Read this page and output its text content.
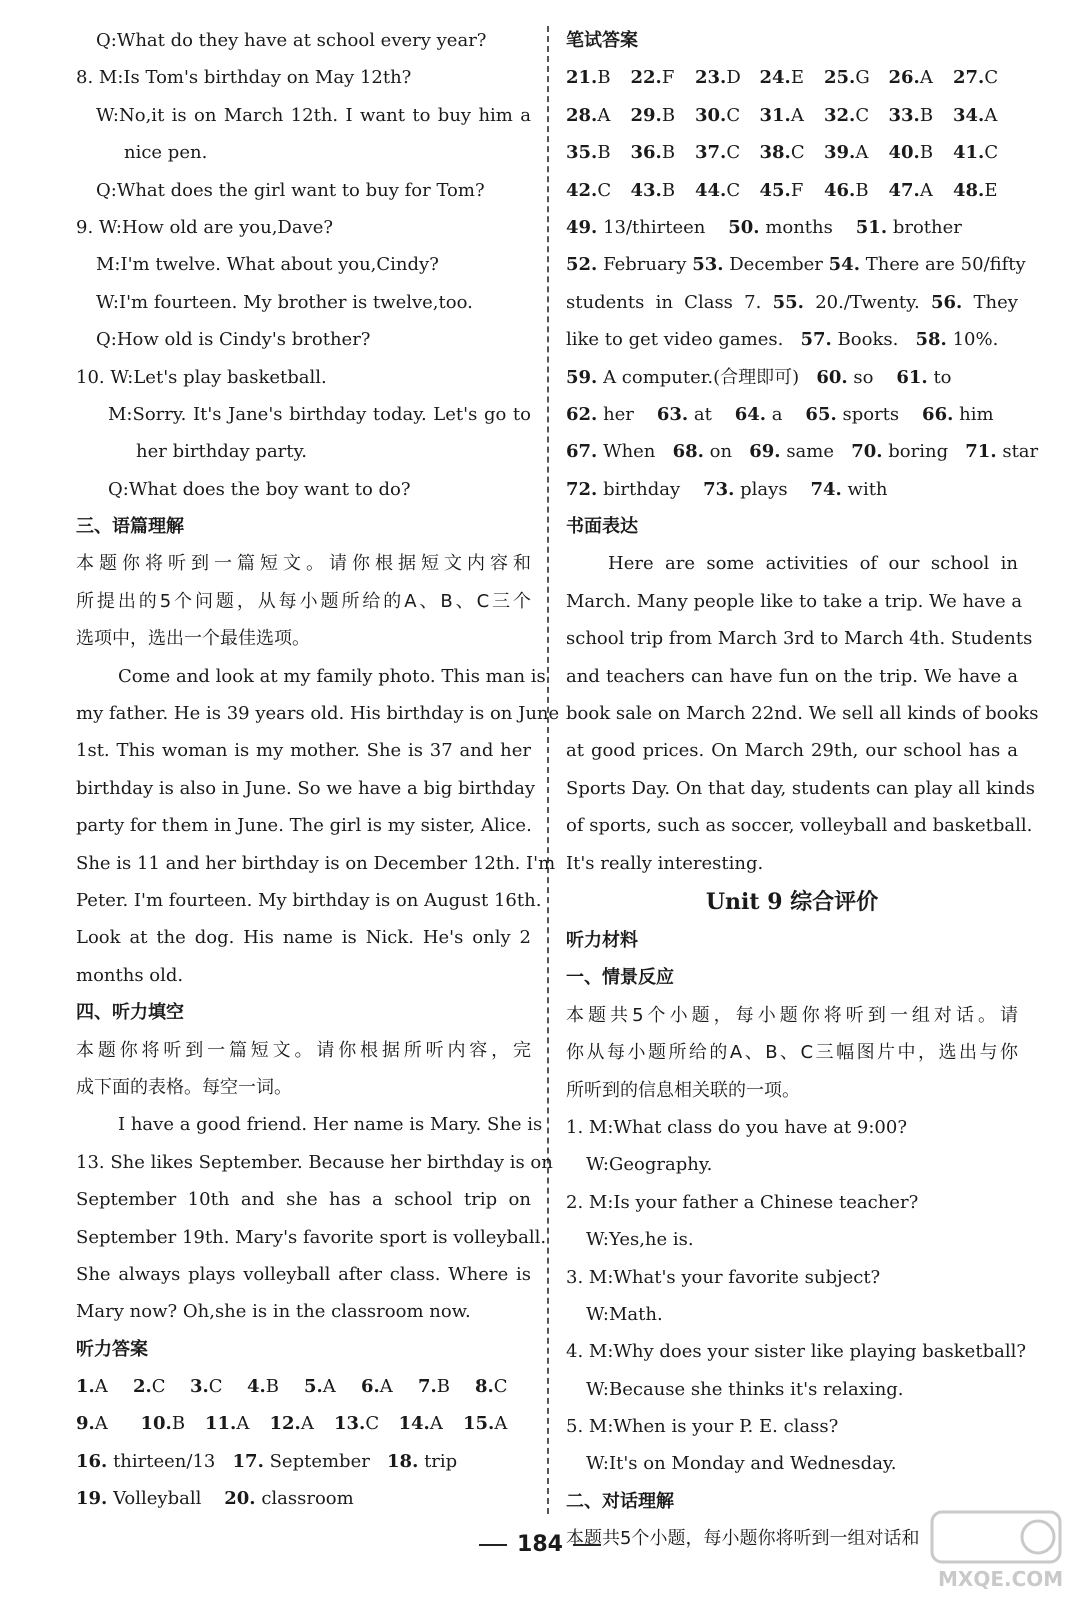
Q:What do they have at school every year?
8. M:Is Tom's birthday on May 12th?
W:No,it is on March 12th. I want to buy him a
nice pen.
Q:What does the girl want to buy for Tom?
9. W:How old are you,Dave?
M:I'm twelve. What about you,Cindy?
W:I'm fourteen. My brother is twelve,too.
Q:How old is Cindy's brother?
10. W:Let's play basketball.
M:Sorry. It's Jane's birthday today. Let's go to
her birthday party.
Q:What does the boy want to do?
三、语篇理解
本题你将听到一篇短文。请你根据短文内容和
所提出的5个问题，从每小题所给的A、B、C三个
选项中，选出一个最佳选项。
Come and look at my family photo. This man is
my father. He is 39 years old. His birthday is on June
1st. This woman is my mother. She is 37 and her
birthday is also in June. So we have a big birthday
party for them in June. The girl is my sister, Alice.
She is 11 and her birthday is on December 12th. I'm
Peter. I'm fourteen. My birthday is on August 16th.
Look at the dog. His name is Nick. He's only 2
months old.
四、听力填空
本题你将听到一篇短文。请你根据所听内容，完
成下面的表格。每空一词。
I have a good friend. Her name is Mary. She is
13. She likes September. Because her birthday is on
September 10th and she has a school trip on
September 19th. Mary's favorite sport is volleyball.
She always plays volleyball after class. Where is
Mary now? Oh,she is in the classroom now.
听力答案
1.A	2.C	3.C	4.B	5.A	6.A	7.B	8.C
9.A	10.B	11.A	12.A	13.C	14.A	15.A
16. thirteen/13 17. September 18. trip
19. Volleyball 20. classroom
笔试答案
21.B	22.F	23.D	24.E	25.G	26.A	27.C
28.A	29.B	30.C	31.A	32.C	33.B	34.A
35.B	36.B	37.C	38.C	39.A	40.B	41.C
42.C	43.B	44.C	45.F	46.B	47.A	48.E
49. 13/thirteen 50. months 51. brother
52. February 53. December 54. There are 50/fifty
students in Class 7. 55. 20./Twenty. 56. They
like to get video games. 57. Books. 58. 10%.
59. A computer.(合理即可) 60. so 61. to
62. her 63. at 64. a 65. sports 66. him
67. When 68. on 69. same 70. boring 71. star
72. birthday 73. plays 74. with
书面表达
Here are some activities of our school in
March. Many people like to take a trip. We have a
school trip from March 3rd to March 4th. Students
and teachers can have fun on the trip. We have a
book sale on March 22nd. We sell all kinds of books
at good prices. On March 29th, our school has a
Sports Day. On that day, students can play all kinds
of sports, such as soccer, volleyball and basketball.
It's really interesting.
Unit 9 综合评价
听力材料
一、情景反应
本题共5个小题，每小题你将听到一组对话。请
你从每小题所给的A、B、C三幅图片中，选出与你
所听到的信息相关联的一项。
1. M:What class do you have at 9:00?
W:Geography.
2. M:Is your father a Chinese teacher?
W:Yes,he is.
3. M:What's your favorite subject?
W:Math.
4. M:Why does your sister like playing basketball?
W:Because she thinks it's relaxing.
5. M:When is your P. E. class?
W:It's on Monday and Wednesday.
二、对话理解
本题共5个小题，每小题你将听到一组对话和
184
MXQE.COM
